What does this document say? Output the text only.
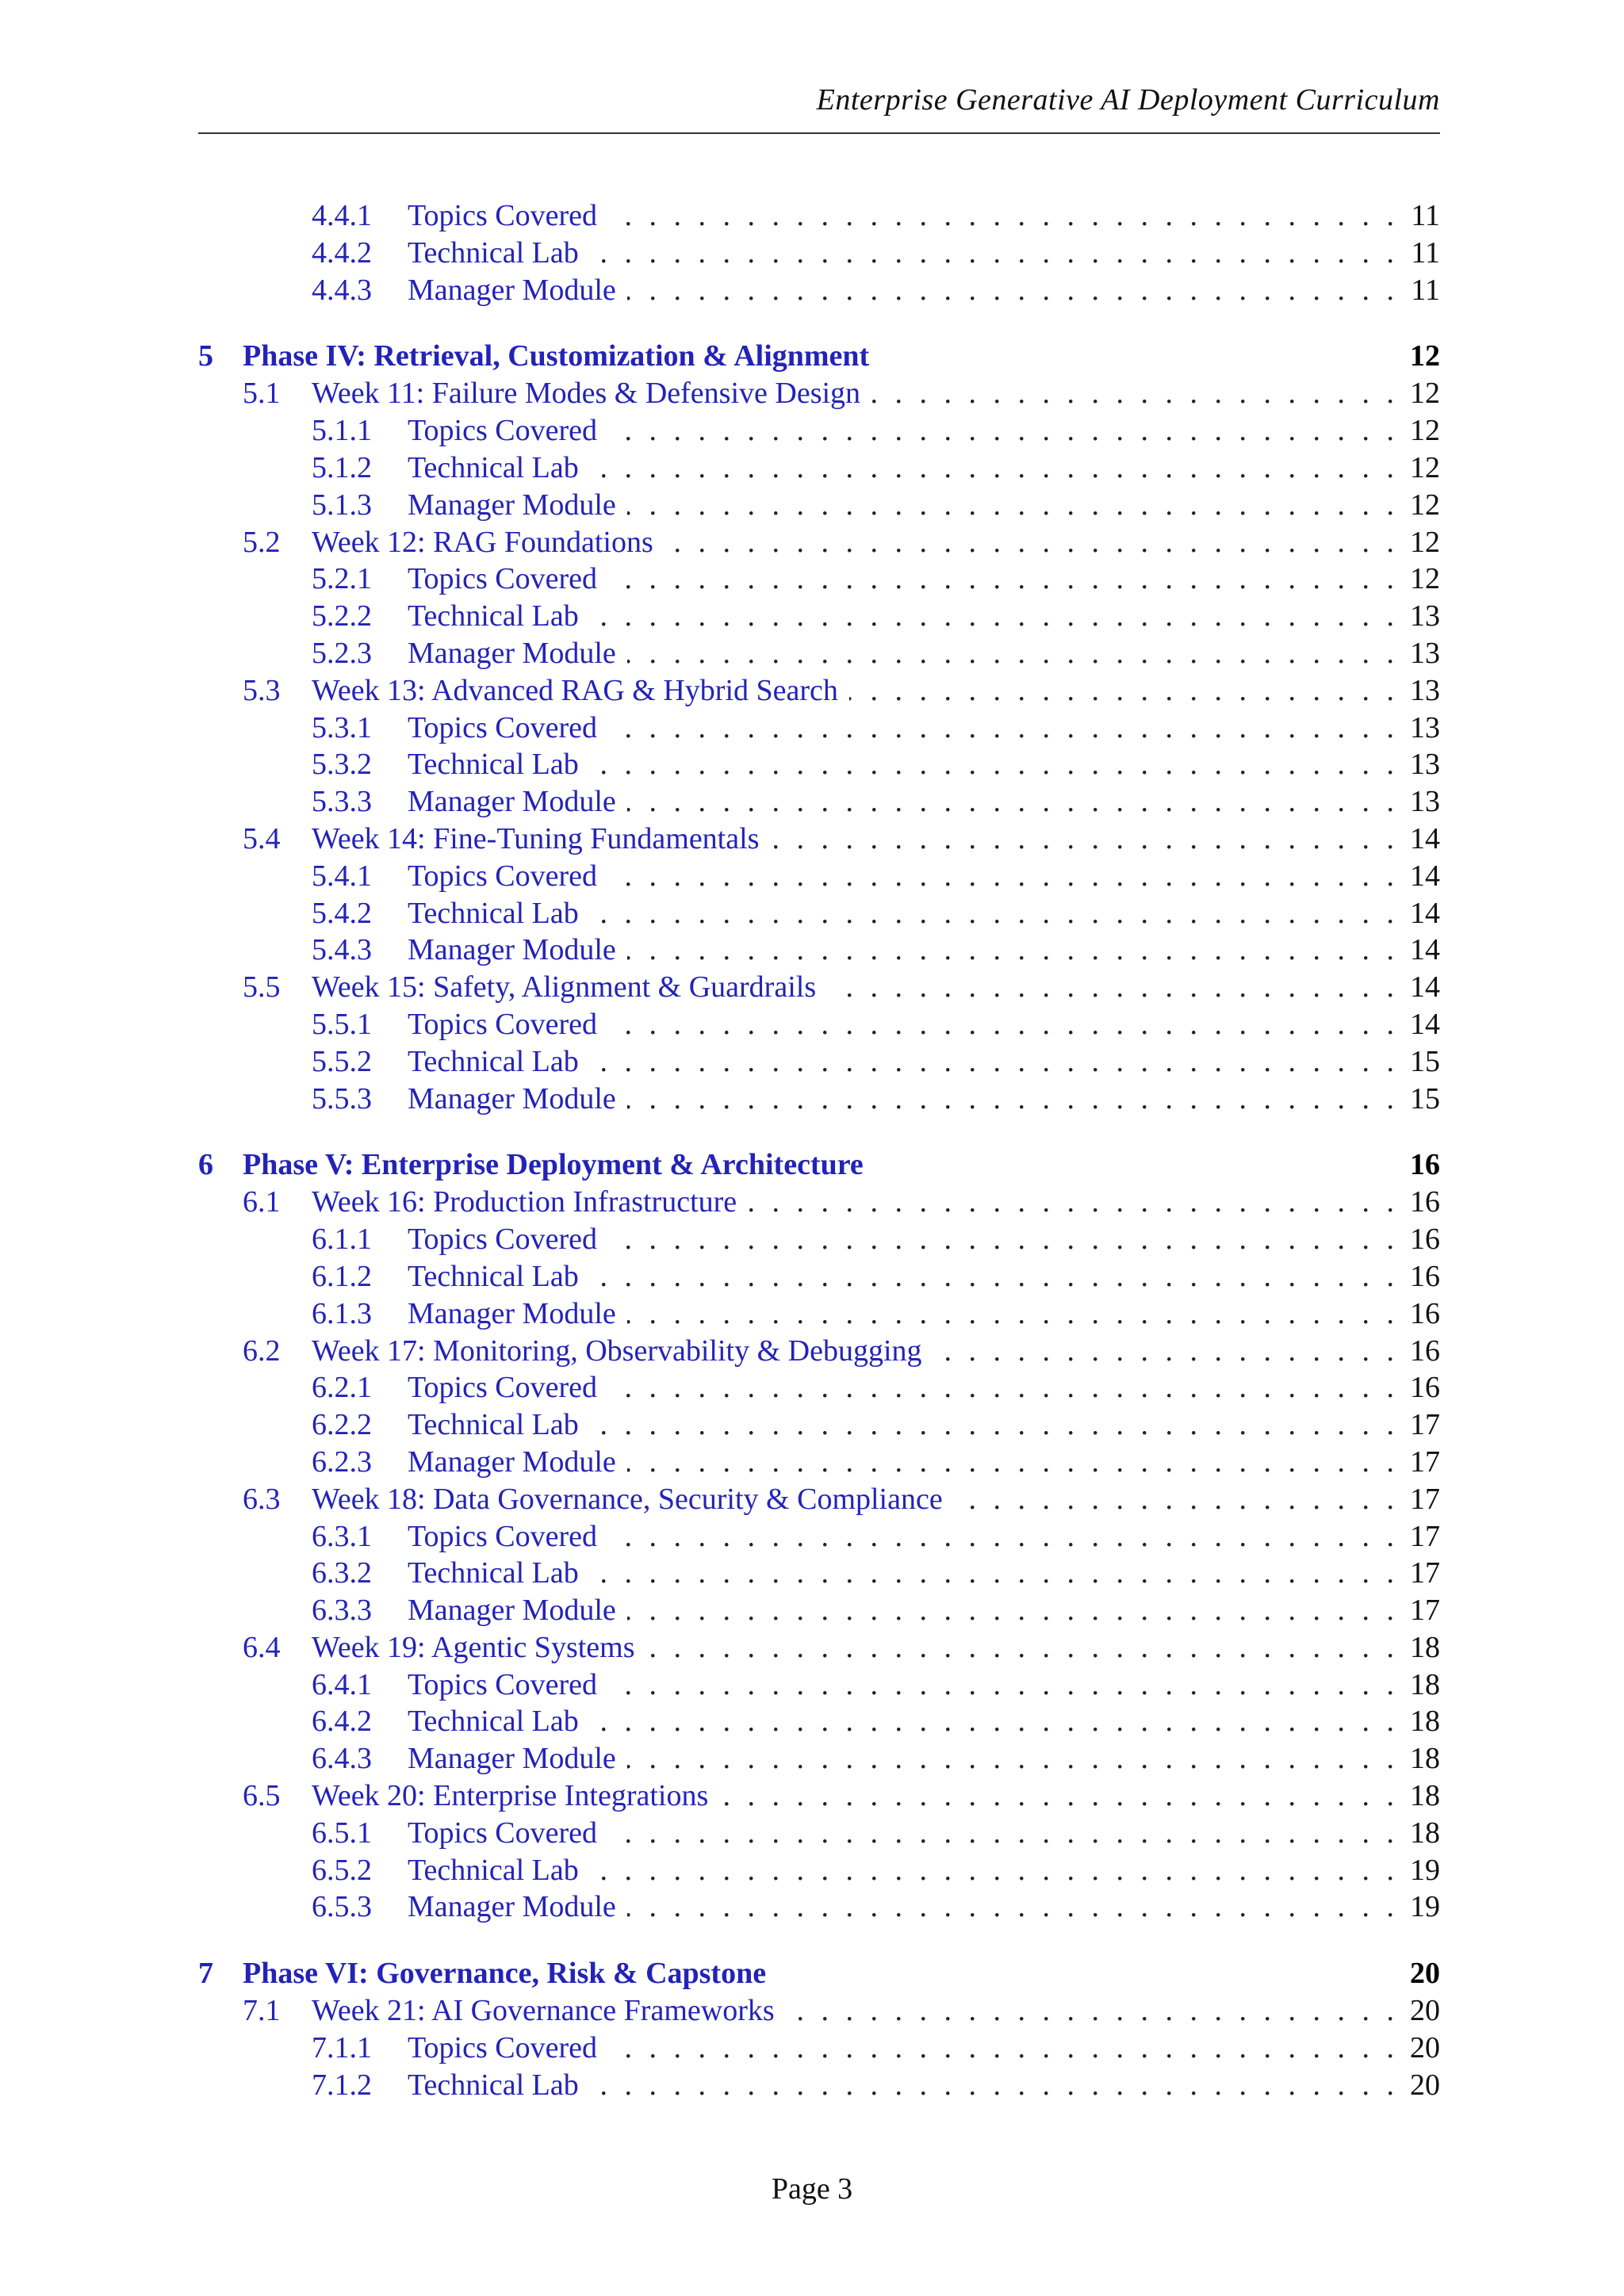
Enterprise Generative AI Deployment Curriculum
4.4.1 Topics Covered . . .	11
4.4.2 Technical Lab . . .	11
4.4.3 Manager Module . . .	11
5 Phase IV: Retrieval, Customization & Alignment	12
5.1 Week 11: Failure Modes & Defensive Design . . .	12
5.1.1 Topics Covered . . .	12
5.1.2 Technical Lab . . .	12
5.1.3 Manager Module . . .	12
5.2 Week 12: RAG Foundations . . .	12
5.2.1 Topics Covered . . .	12
5.2.2 Technical Lab . . .	13
5.2.3 Manager Module . . .	13
5.3 Week 13: Advanced RAG & Hybrid Search . . .	13
5.3.1 Topics Covered . . .	13
5.3.2 Technical Lab . . .	13
5.3.3 Manager Module . . .	13
5.4 Week 14: Fine-Tuning Fundamentals . . .	14
5.4.1 Topics Covered . . .	14
5.4.2 Technical Lab . . .	14
5.4.3 Manager Module . . .	14
5.5 Week 15: Safety, Alignment & Guardrails . . .	14
5.5.1 Topics Covered . . .	14
5.5.2 Technical Lab . . .	15
5.5.3 Manager Module . . .	15
6 Phase V: Enterprise Deployment & Architecture	16
6.1 Week 16: Production Infrastructure . . .	16
6.1.1 Topics Covered . . .	16
6.1.2 Technical Lab . . .	16
6.1.3 Manager Module . . .	16
6.2 Week 17: Monitoring, Observability & Debugging . . .	16
6.2.1 Topics Covered . . .	16
6.2.2 Technical Lab . . .	17
6.2.3 Manager Module . . .	17
6.3 Week 18: Data Governance, Security & Compliance . . .	17
6.3.1 Topics Covered . . .	17
6.3.2 Technical Lab . . .	17
6.3.3 Manager Module . . .	17
6.4 Week 19: Agentic Systems . . .	18
6.4.1 Topics Covered . . .	18
6.4.2 Technical Lab . . .	18
6.4.3 Manager Module . . .	18
6.5 Week 20: Enterprise Integrations . . .	18
6.5.1 Topics Covered . . .	18
6.5.2 Technical Lab . . .	19
6.5.3 Manager Module . . .	19
7 Phase VI: Governance, Risk & Capstone	20
7.1 Week 21: AI Governance Frameworks . . .	20
7.1.1 Topics Covered . . .	20
7.1.2 Technical Lab . . .	20
Page 3
